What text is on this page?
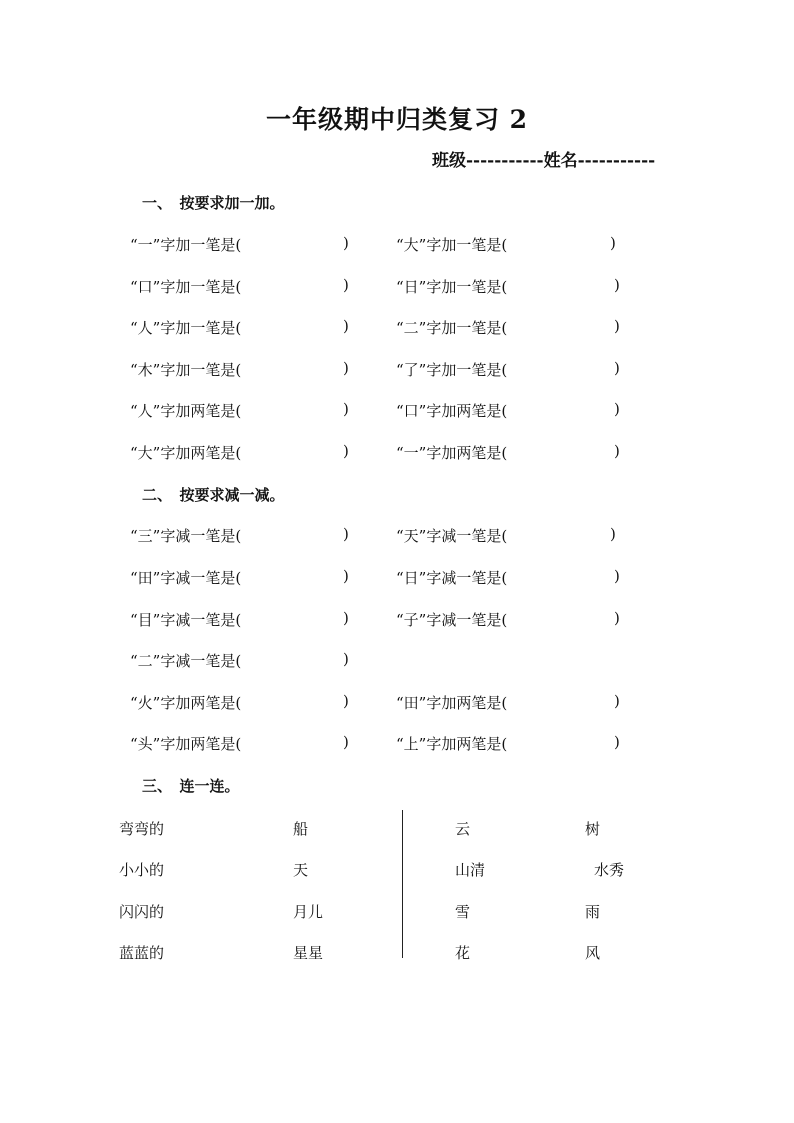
一年级期中归类复习 2
班级-----------姓名-----------
一、　按要求加一加。
“一”字加一笔是(	)	“大”字加一笔是(	)
“口”字加一笔是(	)	“日”字加一笔是(	)
“人”字加一笔是(	)	“二”字加一笔是(	)
“木”字加一笔是(	)	“了”字加一笔是(	)
“人”字加两笔是(	)	“口”字加两笔是(	)
“大”字加两笔是(	)	“一”字加两笔是(	)
二、　按要求减一减。
“三”字减一笔是(	)	“天”字减一笔是(	)
“田”字减一笔是(	)	“日”字减一笔是(	)
“目”字减一笔是(	)	“子”字减一笔是(	)
“二”字减一笔是(	)
“火”字加两笔是(	)	“田”字加两笔是(	)
“头”字加两笔是(	)	“上”字加两笔是(	)
三、　连一连。
弯弯的	船	云	树
小小的	天	山清	水秀
闪闪的	月儿	雪	雨
蓝蓝的	星星	花	风
